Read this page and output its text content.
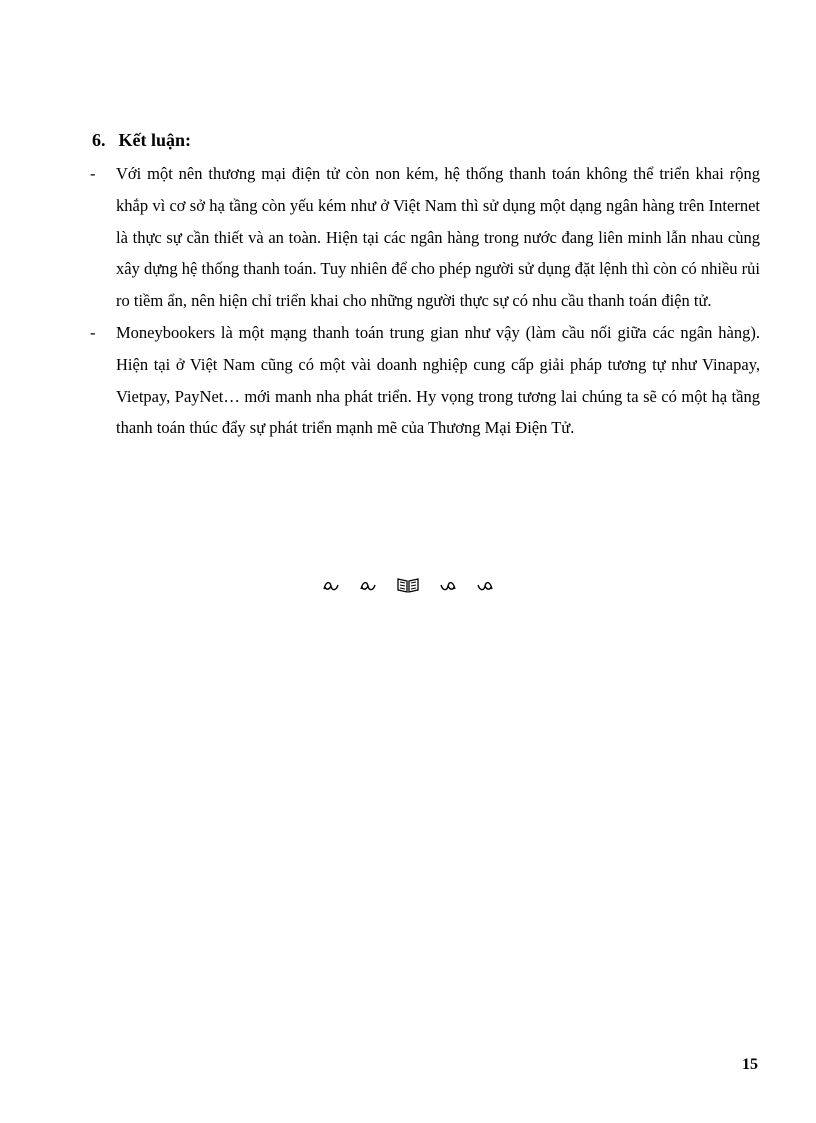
6. Kết luận:
-	Với một nên thương mại điện tử còn non kém, hệ thống thanh toán không thể triển khai rộng khắp vì cơ sở hạ tầng còn yếu kém như ở Việt Nam thì sử dụng một dạng ngân hàng trên Internet là thực sự cần thiết và an toàn. Hiện tại các ngân hàng trong nước đang liên minh lẫn nhau cùng xây dựng hệ thống thanh toán. Tuy nhiên để cho phép người sử dụng đặt lệnh thì còn có nhiều rủi ro tiềm ẩn, nên hiện chỉ triển khai cho những người thực sự có nhu cầu thanh toán điện tử.
-	Moneybookers là một mạng thanh toán trung gian như vậy (làm cầu nối giữa các ngân hàng). Hiện tại ở Việt Nam cũng có một vài doanh nghiệp cung cấp giải pháp tương tự như Vinapay, Vietpay, PayNet… mới manh nha phát triển. Hy vọng trong tương lai chúng ta sẽ có một hạ tầng thanh toán thúc đẩy sự phát triển mạnh mẽ của Thương Mại Điện Tử.

15
